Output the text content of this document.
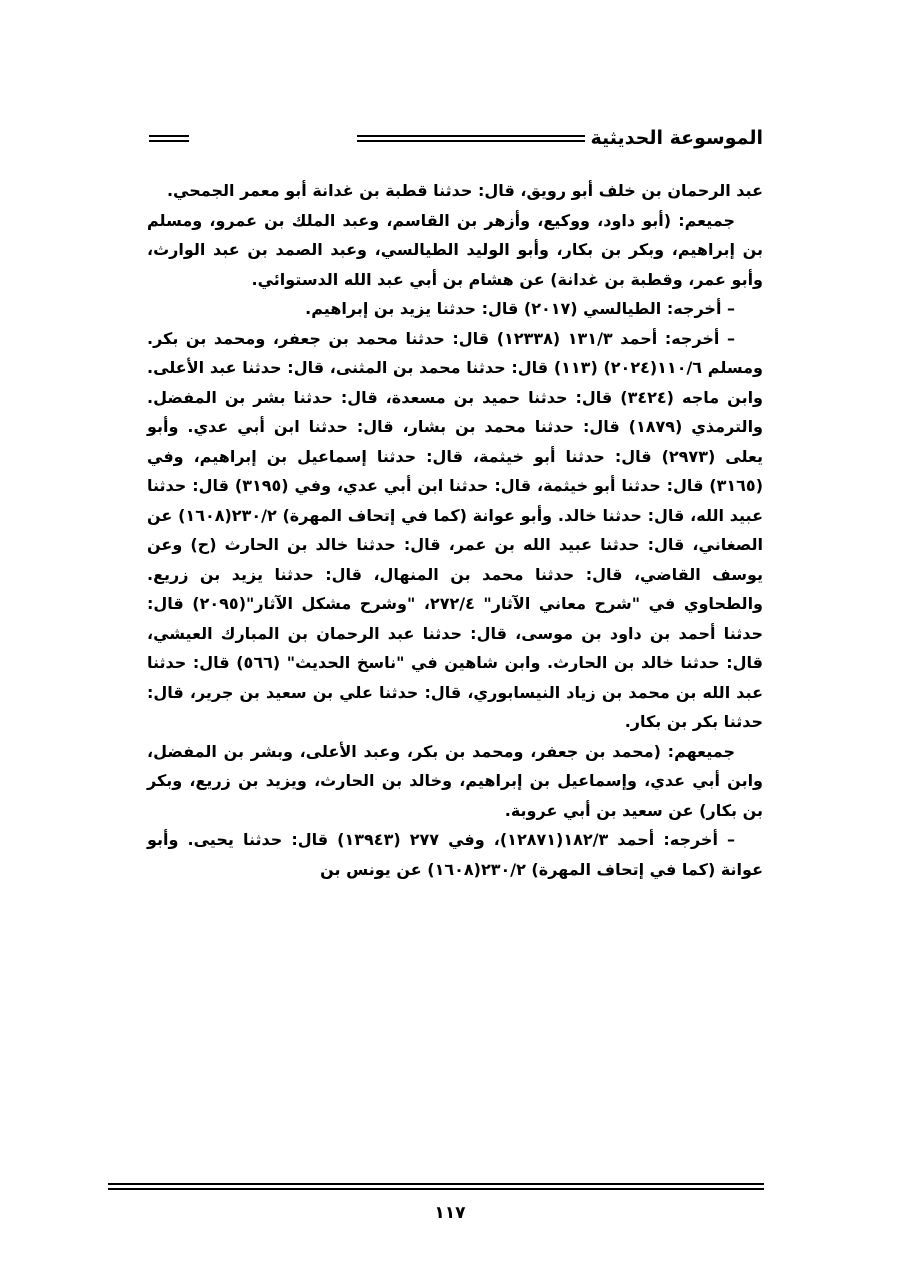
الموسوعة الحديثية

عبد الرحمان بن خلف أبو رويق، قال: حدثنا قطبة بن غدانة أبو معمر الجمحي.

جميعم: (أبو داود، ووكيع، وأزهر بن القاسم، وعبد الملك بن عمرو، ومسلم بن إبراهيم، وبكر بن بكار، وأبو الوليد الطيالسي، وعبد الصمد بن عبد الوارث، وأبو عمر، وقطبة بن غدانة) عن هشام بن أبي عبد الله الدستوائي.

– أخرجه: الطيالسي (٢٠١٧) قال: حدثنا يزيد بن إبراهيم.

– أخرجه: أحمد ١٣١/٣ (١٢٣٣٨) قال: حدثنا محمد بن جعفر، ومحمد بن بكر. ومسلم ١١٠/٦(٢٠٢٤) (١١٣) قال: حدثنا محمد بن المثنى، قال: حدثنا عبد الأعلى. وابن ماجه (٣٤٢٤) قال: حدثنا حميد بن مسعدة، قال: حدثنا بشر بن المفضل. والترمذي (١٨٧٩) قال: حدثنا محمد بن بشار، قال: حدثنا ابن أبي عدي. وأبو يعلى (٢٩٧٣) قال: حدثنا أبو خيثمة، قال: حدثنا إسماعيل بن إبراهيم، وفي (٣١٦٥) قال: حدثنا أبو خيثمة، قال: حدثنا ابن أبي عدي، وفي (٣١٩٥) قال: حدثنا عبيد الله، قال: حدثنا خالد. وأبو عوانة (كما في إتحاف المهرة) ٢٣٠/٢(١٦٠٨) عن الصغاني، قال: حدثنا عبيد الله بن عمر، قال: حدثنا خالد بن الحارث (ح) وعن يوسف القاضي، قال: حدثنا محمد بن المنهال، قال: حدثنا يزيد بن زريع. والطحاوي في "شرح معاني الآثار" ٢٧٢/٤، "وشرح مشكل الآثار"(٢٠٩٥) قال: حدثنا أحمد بن داود بن موسى، قال: حدثنا عبد الرحمان بن المبارك العيشي، قال: حدثنا خالد بن الحارث. وابن شاهين في "ناسخ الحديث" (٥٦٦) قال: حدثنا عبد الله بن محمد بن زياد النيسابوري، قال: حدثنا علي بن سعيد بن جرير، قال: حدثنا بكر بن بكار.

جميعهم: (محمد بن جعفر، ومحمد بن بكر، وعبد الأعلى، وبشر بن المفضل، وابن أبي عدي، وإسماعيل بن إبراهيم، وخالد بن الحارث، ويزيد بن زريع، وبكر بن بكار) عن سعيد بن أبي عروبة.

– أخرجه: أحمد ١٨٢/٣(١٢٨٧١)، وفي ٢٧٧ (١٣٩٤٣) قال: حدثنا يحيى. وأبو عوانة (كما في إتحاف المهرة) ٢٣٠/٢(١٦٠٨) عن يونس بن

١١٧
